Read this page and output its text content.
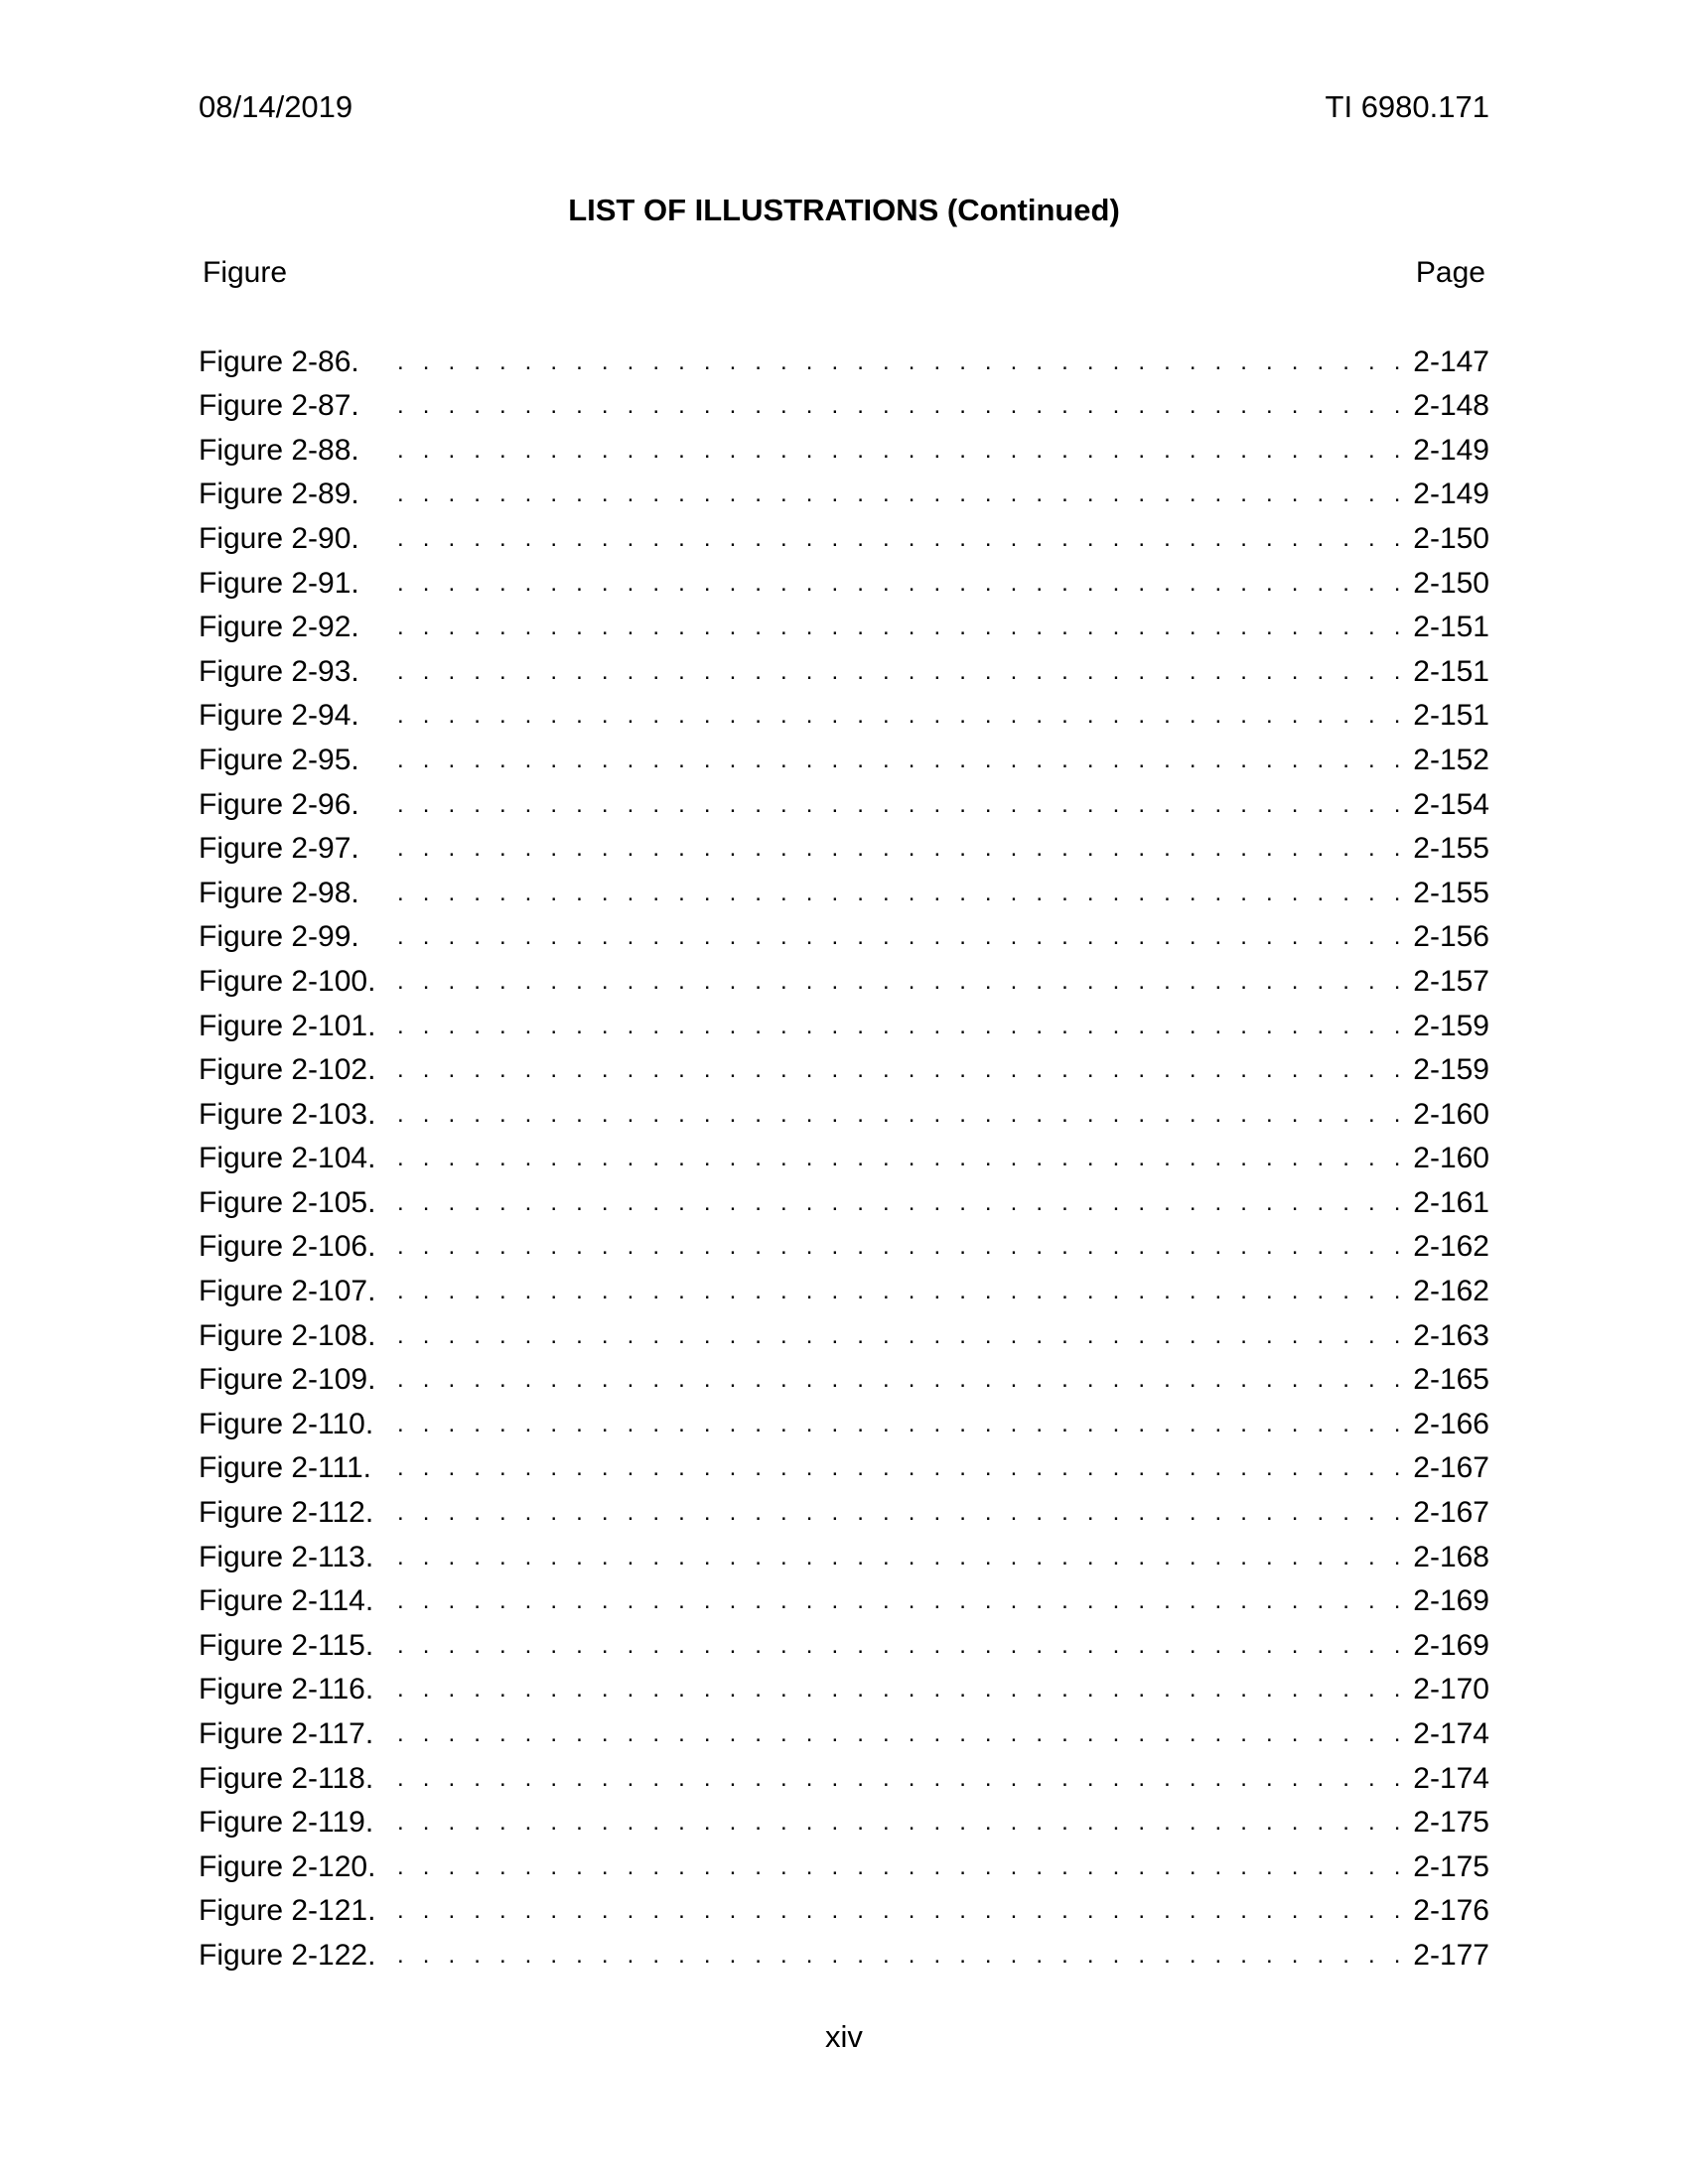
08/14/2019	TI 6980.171
LIST OF ILLUSTRATIONS (Continued)
Figure	Page
Figure 2-86. . . .	2-147
Figure 2-87. . . .	2-148
Figure 2-88. . . .	2-149
Figure 2-89. . . .	2-149
Figure 2-90. . . .	2-150
Figure 2-91. . . .	2-150
Figure 2-92. . . .	2-151
Figure 2-93. . . .	2-151
Figure 2-94. . . .	2-151
Figure 2-95. . . .	2-152
Figure 2-96. . . .	2-154
Figure 2-97. . . .	2-155
Figure 2-98. . . .	2-155
Figure 2-99. . . .	2-156
Figure 2-100. . . .	2-157
Figure 2-101. . . .	2-159
Figure 2-102. . . .	2-159
Figure 2-103. . . .	2-160
Figure 2-104. . . .	2-160
Figure 2-105. . . .	2-161
Figure 2-106. . . .	2-162
Figure 2-107. . . .	2-162
Figure 2-108. . . .	2-163
Figure 2-109. . . .	2-165
Figure 2-110. . . .	2-166
Figure 2-111. . . .	2-167
Figure 2-112. . . .	2-167
Figure 2-113. . . .	2-168
Figure 2-114. . . .	2-169
Figure 2-115. . . .	2-169
Figure 2-116. . . .	2-170
Figure 2-117. . . .	2-174
Figure 2-118. . . .	2-174
Figure 2-119. . . .	2-175
Figure 2-120. . . .	2-175
Figure 2-121. . . .	2-176
Figure 2-122. . . .	2-177
xiv
